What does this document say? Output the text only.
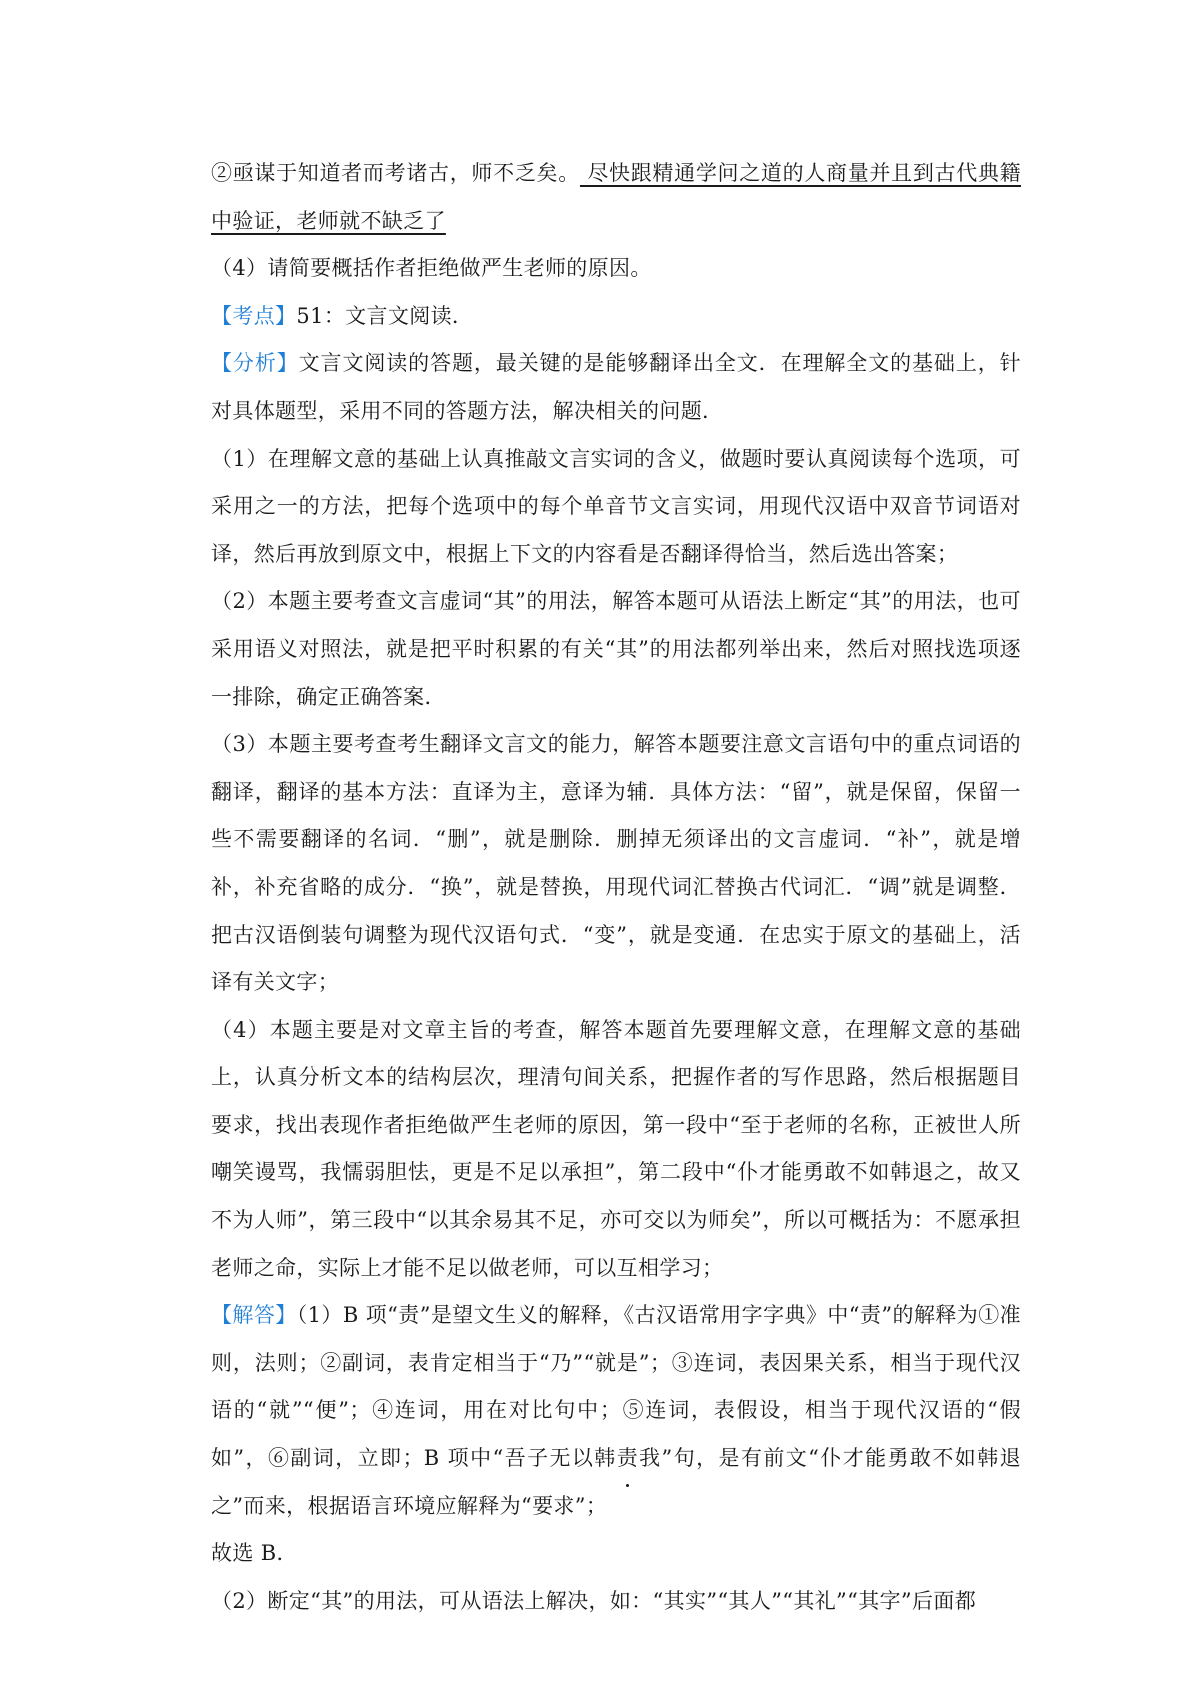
②亟谋于知道者而考诸古，师不乏矣。 尽快跟精通学问之道的人商量并且到古代典籍中验证，老师就不缺乏了

（4）请简要概括作者拒绝做严生老师的原因。

【考点】51：文言文阅读．

【分析】文言文阅读的答题，最关键的是能够翻译出全文．在理解全文的基础上，针对具体题型，采用不同的答题方法，解决相关的问题．

（1）在理解文意的基础上认真推敲文言实词的含义，做题时要认真阅读每个选项，可采用之一的方法，把每个选项中的每个单音节文言实词，用现代汉语中双音节词语对译，然后再放到原文中，根据上下文的内容看是否翻译得恰当，然后选出答案；

（2）本题主要考查文言虚词“其”的用法，解答本题可从语法上断定“其”的用法，也可采用语义对照法，就是把平时积累的有关“其”的用法都列举出来，然后对照找选项逐一排除，确定正确答案．

（3）本题主要考查考生翻译文言文的能力，解答本题要注意文言语句中的重点词语的翻译，翻译的基本方法：直译为主，意译为辅．具体方法：“留”，就是保留，保留一些不需要翻译的名词．“删”，就是删除．删掉无须译出的文言虚词．“补”，就是增补，补充省略的成分．“换”，就是替换，用现代词汇替换古代词汇．“调”就是调整．把古汉语倒装句调整为现代汉语句式．“变”，就是变通．在忠实于原文的基础上，活译有关文字；

（4）本题主要是对文章主旨的考查，解答本题首先要理解文意，在理解文意的基础上，认真分析文本的结构层次，理清句间关系，把握作者的写作思路，然后根据题目要求，找出表现作者拒绝做严生老师的原因，第一段中“至于老师的名称，正被世人所嘲笑谩骂，我懦弱胆怯，更是不足以承担”，第二段中“仆才能勇敢不如韩退之，故又不为人师”，第三段中“以其余易其不足，亦可交以为师矣”，所以可概括为：不愿承担老师之命，实际上才能不足以做老师，可以互相学习；

【解答】（1）B 项“责”是望文生义的解释，《古汉语常用字字典》中“责”的解释为①准则，法则；②副词，表肯定相当于“乃”“就是”；③连词，表因果关系，相当于现代汉语的“就”“便”；④连词，用在对比句中；⑤连词，表假设，相当于现代汉语的“假如”，⑥副词，立即；B 项中“吾子无以韩责我”句，是有前文“仆才能勇敢不如韩退之”而来，根据语言环境应解释为“要求”；

故选 B．

（2）断定“其”的用法，可从语法上解决，如：“其实”“其人”“其礼”“其字”后面都
